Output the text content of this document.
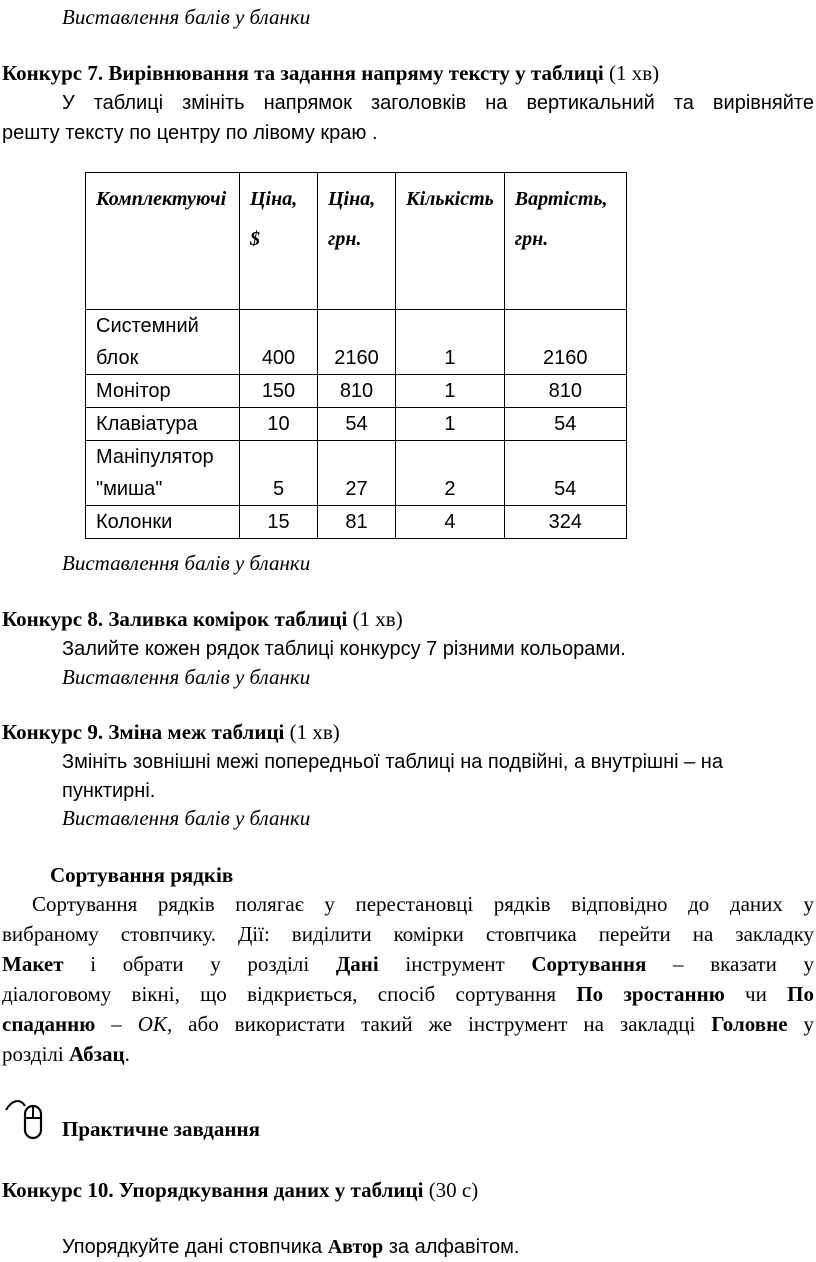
Виставлення балів у бланки
Конкурс 7. Вирівнювання та задання напряму тексту у таблиці (1 хв)
У таблиці змініть напрямок заголовків на вертикальний та вирівняйте
решту тексту по центру по лівому краю .
Комплектуючі	Ціна, $	Ціна, грн.	Кількість	Вартість, грн.
Системний блок	400	2160	1	2160
Монітор	150	810	1	810
Клавіатура	10	54	1	54
Маніпулятор "миша"	5	27	2	54
Колонки	15	81	4	324
Виставлення балів у бланки
Конкурс 8. Заливка комірок таблиці (1 хв)
Залийте кожен рядок таблиці конкурсу 7 різними кольорами.
Виставлення балів у бланки
Конкурс 9. Зміна меж таблиці (1 хв)
Змініть зовнішні межі попередньої таблиці на подвійні, а внутрішні – на
пунктирні.
Виставлення балів у бланки
Сортування рядків
Сортування рядків полягає у перестановці рядків відповідно до даних у
вибраному стовпчику. Дії: виділити комірки стовпчика перейти на закладку
Макет і обрати у розділі Дані інструмент Сортування – вказати у
діалоговому вікні, що відкриється, спосіб сортування По зростанню чи По
спаданню – OK, або використати такий же інструмент на закладці Головне у
розділі Абзац.
Практичне завдання
Конкурс 10. Упорядкування даних у таблиці (30 с)
Упорядкуйте дані стовпчика Автор за алфавітом.
